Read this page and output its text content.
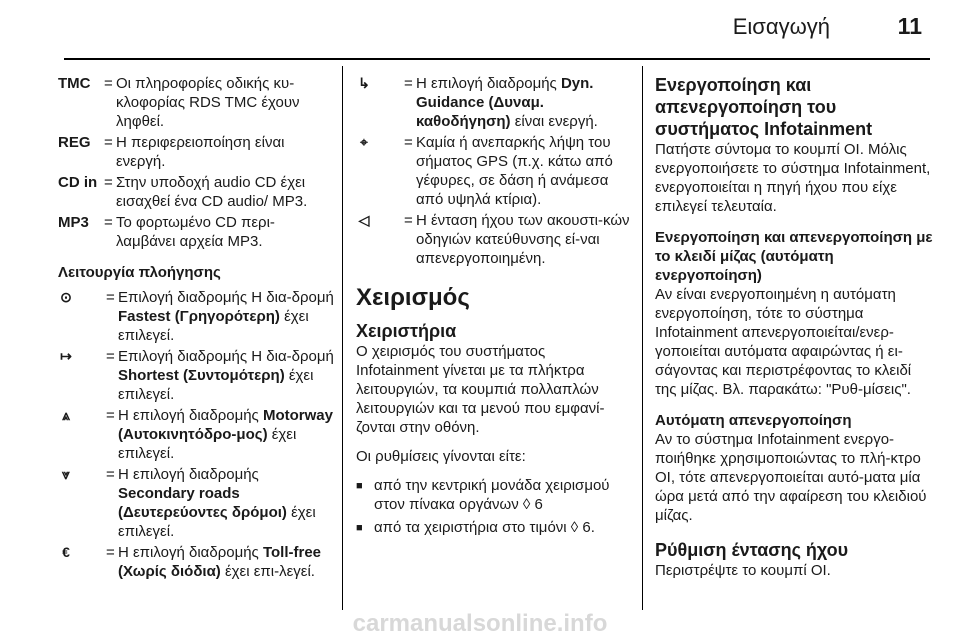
Εισαγωγή	11
TMC = Οι πληροφορίες οδικής κυ-κλοφορίας RDS TMC έχουν ληφθεί.
REG = Η περιφερειοποίηση είναι ενεργή.
CD in = Στην υποδοχή audio CD έχει εισαχθεί ένα CD audio/ MP3.
MP3	= Το φορτωμένο CD περι-λαμβάνει αρχεία MP3.
Λειτουργία πλοήγησης
⊙	= Επιλογή διαδρομής Η δια-δρομή Fastest (Γρηγορότερη) έχει επιλεγεί.
↦	= Επιλογή διαδρομής Η δια-δρομή Shortest (Συντομότερη) έχει επιλεγεί.
⩓	= Η επιλογή διαδρομής Motorway (Αυτοκινητόδρο-μος) έχει επιλεγεί.
⩔	= Η επιλογή διαδρομής Secondary roads (Δευτερεύοντες δρόμοι) έχει επιλεγεί.
€	= Η επιλογή διαδρομής Toll-free (Χωρίς διόδια) έχει επι-λεγεί.
↳	= Η επιλογή διαδρομής Dyn. Guidance (Δυναμ. καθοδήγηση) είναι ενεργή.
⌖	= Καμία ή ανεπαρκής λήψη του σήματος GPS (π.χ. κάτω από γέφυρες, σε δάση ή ανάμεσα από υψηλά κτίρια).
◁	= Η ένταση ήχου των ακουστι-κών οδηγιών κατεύθυνσης εί-ναι απενεργοποιημένη.
Χειρισμός
Χειριστήρια

Ο χειρισμός του συστήματος Infotainment γίνεται με τα πλήκτρα λειτουργιών, τα κουμπιά πολλαπλών λειτουργιών και τα μενού που εμφανί-ζονται στην οθόνη.

Οι ρυθμίσεις γίνονται είτε:

■ από την κεντρική μονάδα χειρισμού στον πίνακα οργάνων ◊ 6
■ από τα χειριστήρια στο τιμόνι ◊ 6.
Ενεργοποίηση και απενεργοποίηση του συστήματος Infotainment

Πατήστε σύντομα το κουμπί OI. Μόλις ενεργοποιήσετε το σύστημα Infotainment, ενεργοποιείται η πηγή ήχου που είχε επιλεγεί τελευταία.

Ενεργοποίηση και απενεργοποίηση με το κλειδί μίζας (αυτόματη ενεργοποίηση)

Αν είναι ενεργοποιημένη η αυτόματη ενεργοποίηση, τότε το σύστημα Infotainment απενεργοποιείται/ενερ-γοποιείται αυτόματα αφαιρώντας ή ει-σάγοντας και περιστρέφοντας το κλειδί της μίζας. Βλ. παρακάτω: "Ρυθ-μίσεις".

Αυτόματη απενεργοποίηση

Αν το σύστημα Infotainment ενεργο-ποιήθηκε χρησιμοποιώντας το πλή-κτρο OI, τότε απενεργοποιείται αυτό-ματα μία ώρα μετά από την αφαίρεση του κλειδιού μίζας.

Ρύθμιση έντασης ήχου

Περιστρέψτε το κουμπί OI.

carmanualsonline.info
